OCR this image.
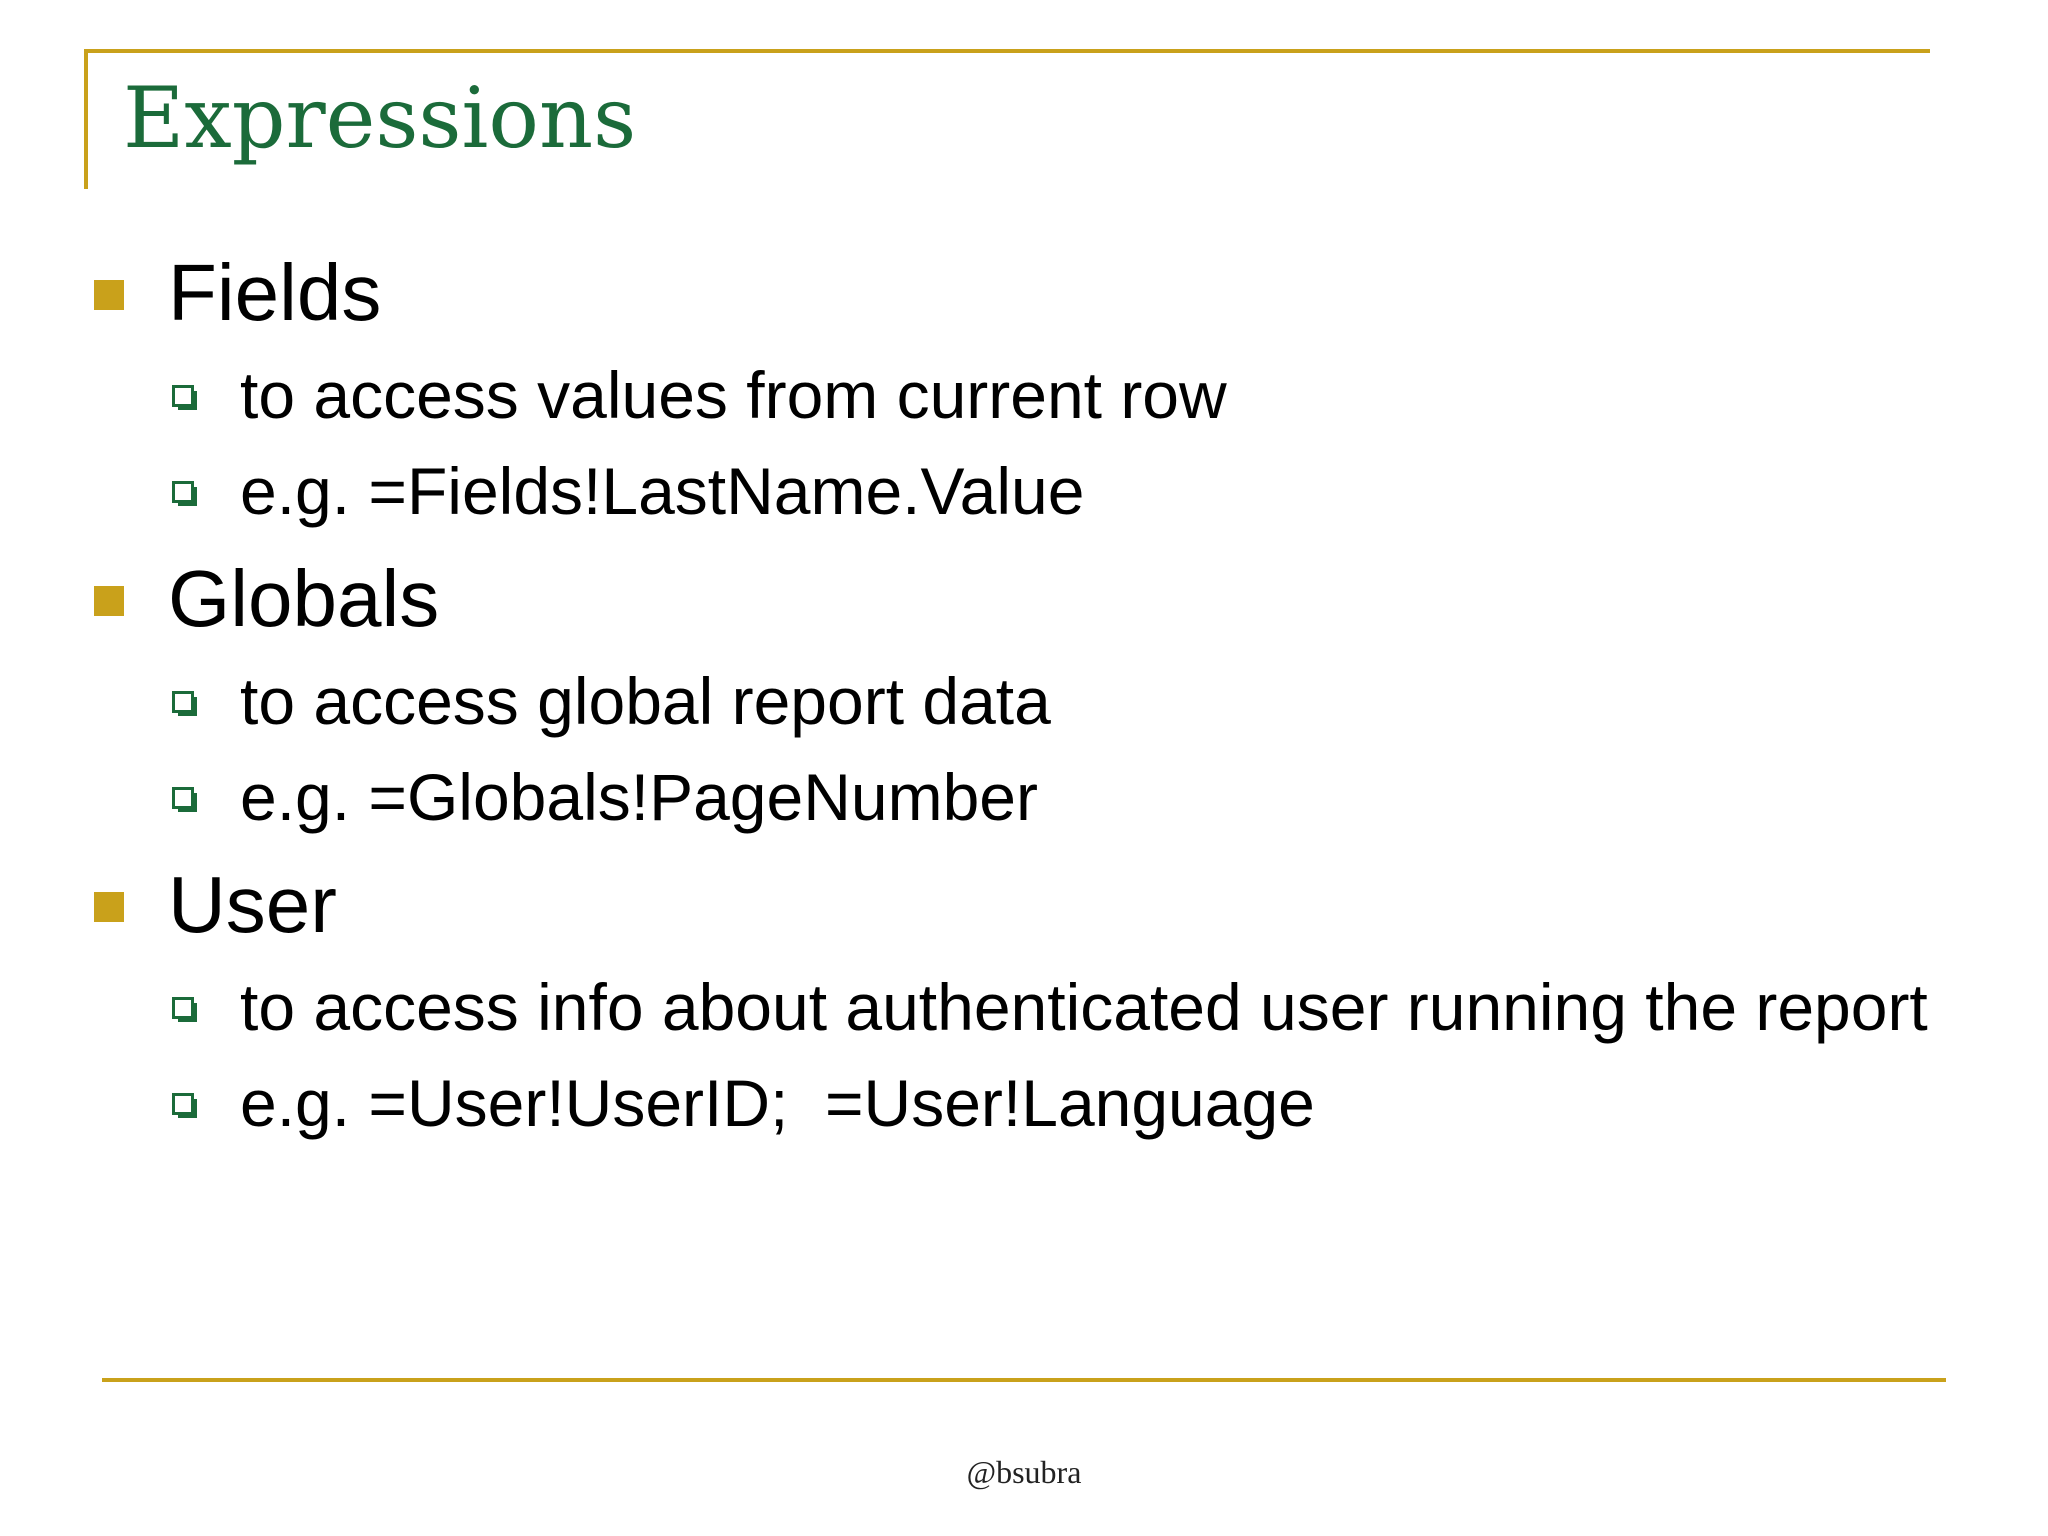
Expressions
Fields
to access values from current row
e.g. =Fields!LastName.Value
Globals
to access global report data
e.g. =Globals!PageNumber
User
to access info about authenticated user running the report
e.g. =User!UserID;  =User!Language
@bsubra
